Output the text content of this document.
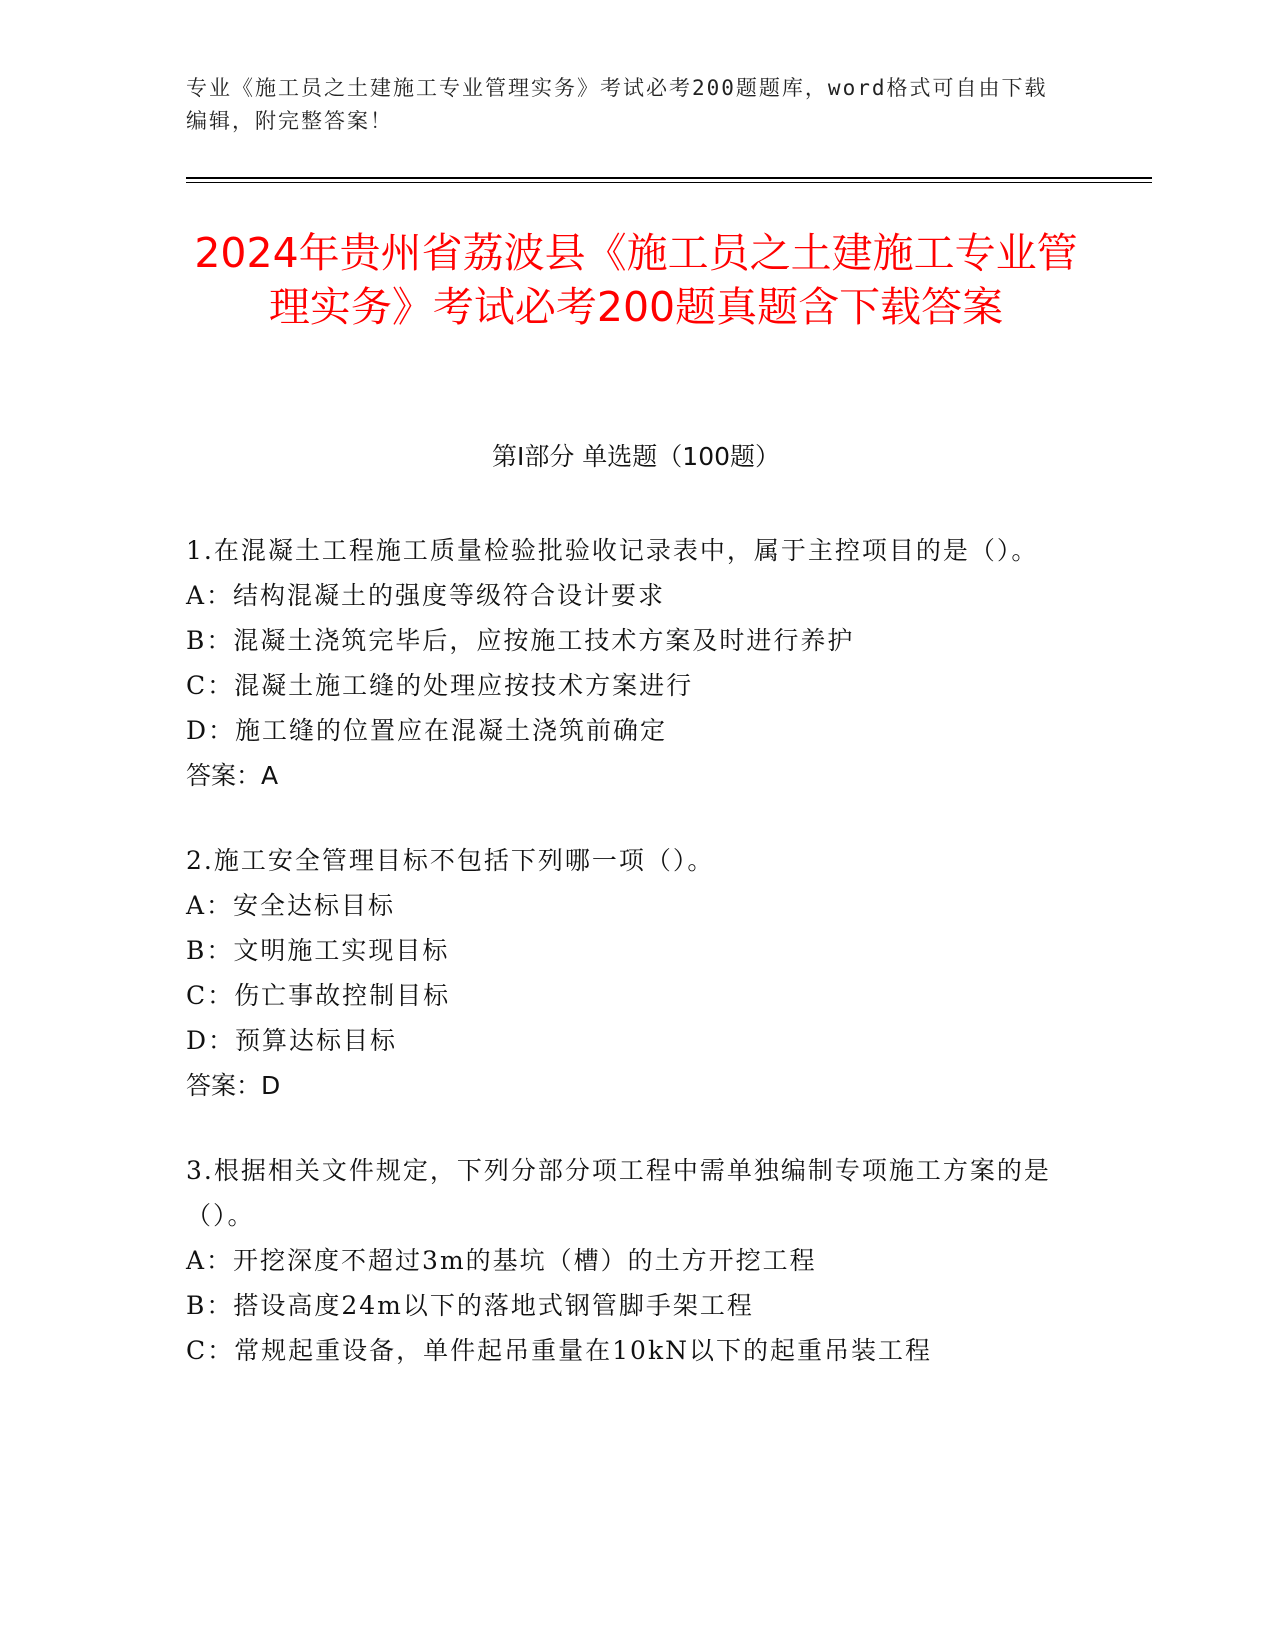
专业《施工员之土建施工专业管理实务》考试必考200题题库，word格式可自由下载编辑，附完整答案！
2024年贵州省荔波县《施工员之土建施工专业管理实务》考试必考200题真题含下载答案
第Ⅰ部分 单选题（100题）
1.在混凝土工程施工质量检验批验收记录表中，属于主控项目的是（）。
A：结构混凝土的强度等级符合设计要求
B：混凝土浇筑完毕后，应按施工技术方案及时进行养护
C：混凝土施工缝的处理应按技术方案进行
D：施工缝的位置应在混凝土浇筑前确定
答案：A
2.施工安全管理目标不包括下列哪一项（）。
A：安全达标目标
B：文明施工实现目标
C：伤亡事故控制目标
D：预算达标目标
答案：D
3.根据相关文件规定，下列分部分项工程中需单独编制专项施工方案的是（）。
A：开挖深度不超过3m的基坑（槽）的土方开挖工程
B：搭设高度24m以下的落地式钢管脚手架工程
C：常规起重设备，单件起吊重量在10kN以下的起重吊装工程
